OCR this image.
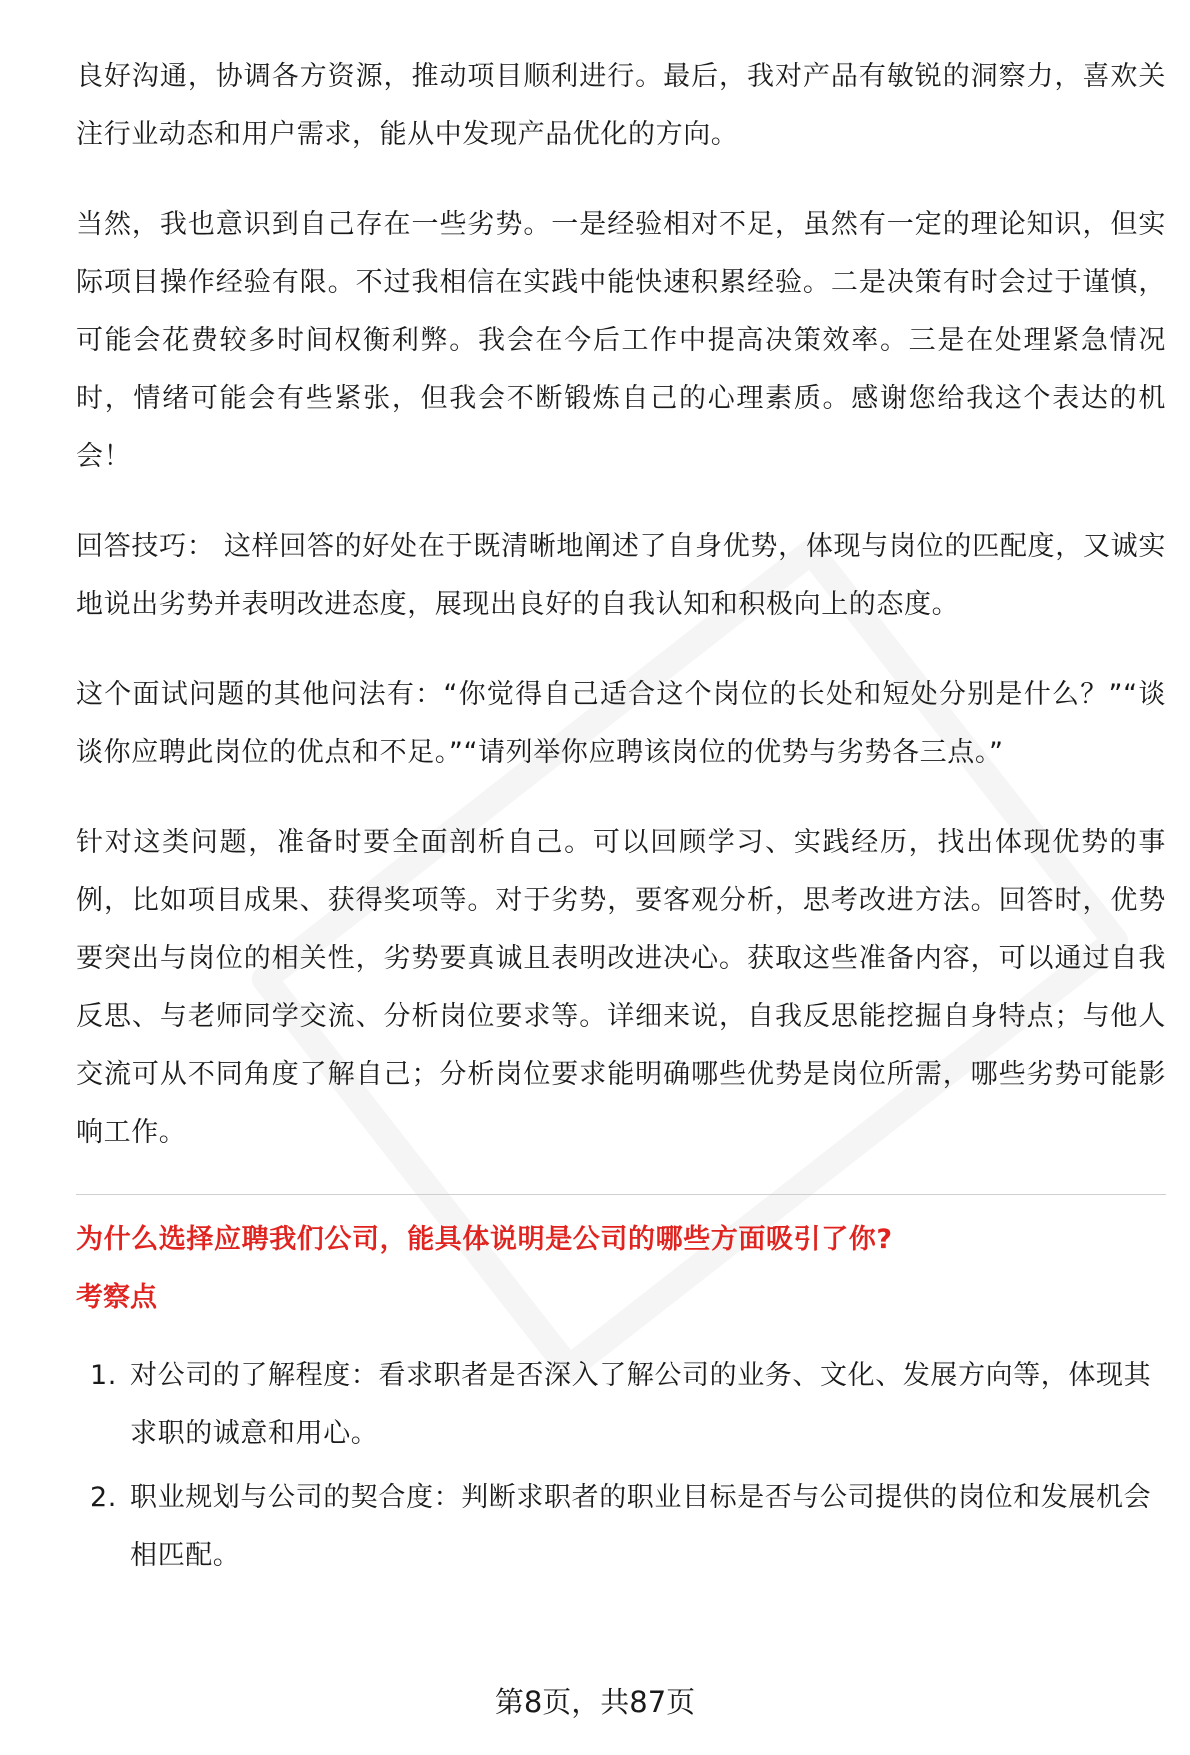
良好沟通，协调各方资源，推动项目顺利进行。最后，我对产品有敏锐的洞察力，喜欢关注行业动态和用户需求，能从中发现产品优化的方向。

当然，我也意识到自己存在一些劣势。一是经验相对不足，虽然有一定的理论知识，但实际项目操作经验有限。不过我相信在实践中能快速积累经验。二是决策有时会过于谨慎，可能会花费较多时间权衡利弊。我会在今后工作中提高决策效率。三是在处理紧急情况时，情绪可能会有些紧张，但我会不断锻炼自己的心理素质。感谢您给我这个表达的机会！

回答技巧： 这样回答的好处在于既清晰地阐述了自身优势，体现与岗位的匹配度，又诚实地说出劣势并表明改进态度，展现出良好的自我认知和积极向上的态度。

这个面试问题的其他问法有：“你觉得自己适合这个岗位的长处和短处分别是什么？”“谈谈你应聘此岗位的优点和不足。”“请列举你应聘该岗位的优势与劣势各三点。”

针对这类问题，准备时要全面剖析自己。可以回顾学习、实践经历，找出体现优势的事例，比如项目成果、获得奖项等。对于劣势，要客观分析，思考改进方法。回答时，优势要突出与岗位的相关性，劣势要真诚且表明改进决心。获取这些准备内容，可以通过自我反思、与老师同学交流、分析岗位要求等。详细来说，自我反思能挖掘自身特点；与他人交流可从不同角度了解自己；分析岗位要求能明确哪些优势是岗位所需，哪些劣势可能影响工作。

为什么选择应聘我们公司，能具体说明是公司的哪些方面吸引了你?

考察点

1. 对公司的了解程度：看求职者是否深入了解公司的业务、文化、发展方向等，体现其求职的诚意和用心。
2. 职业规划与公司的契合度：判断求职者的职业目标是否与公司提供的岗位和发展机会相匹配。
第8页，共87页
